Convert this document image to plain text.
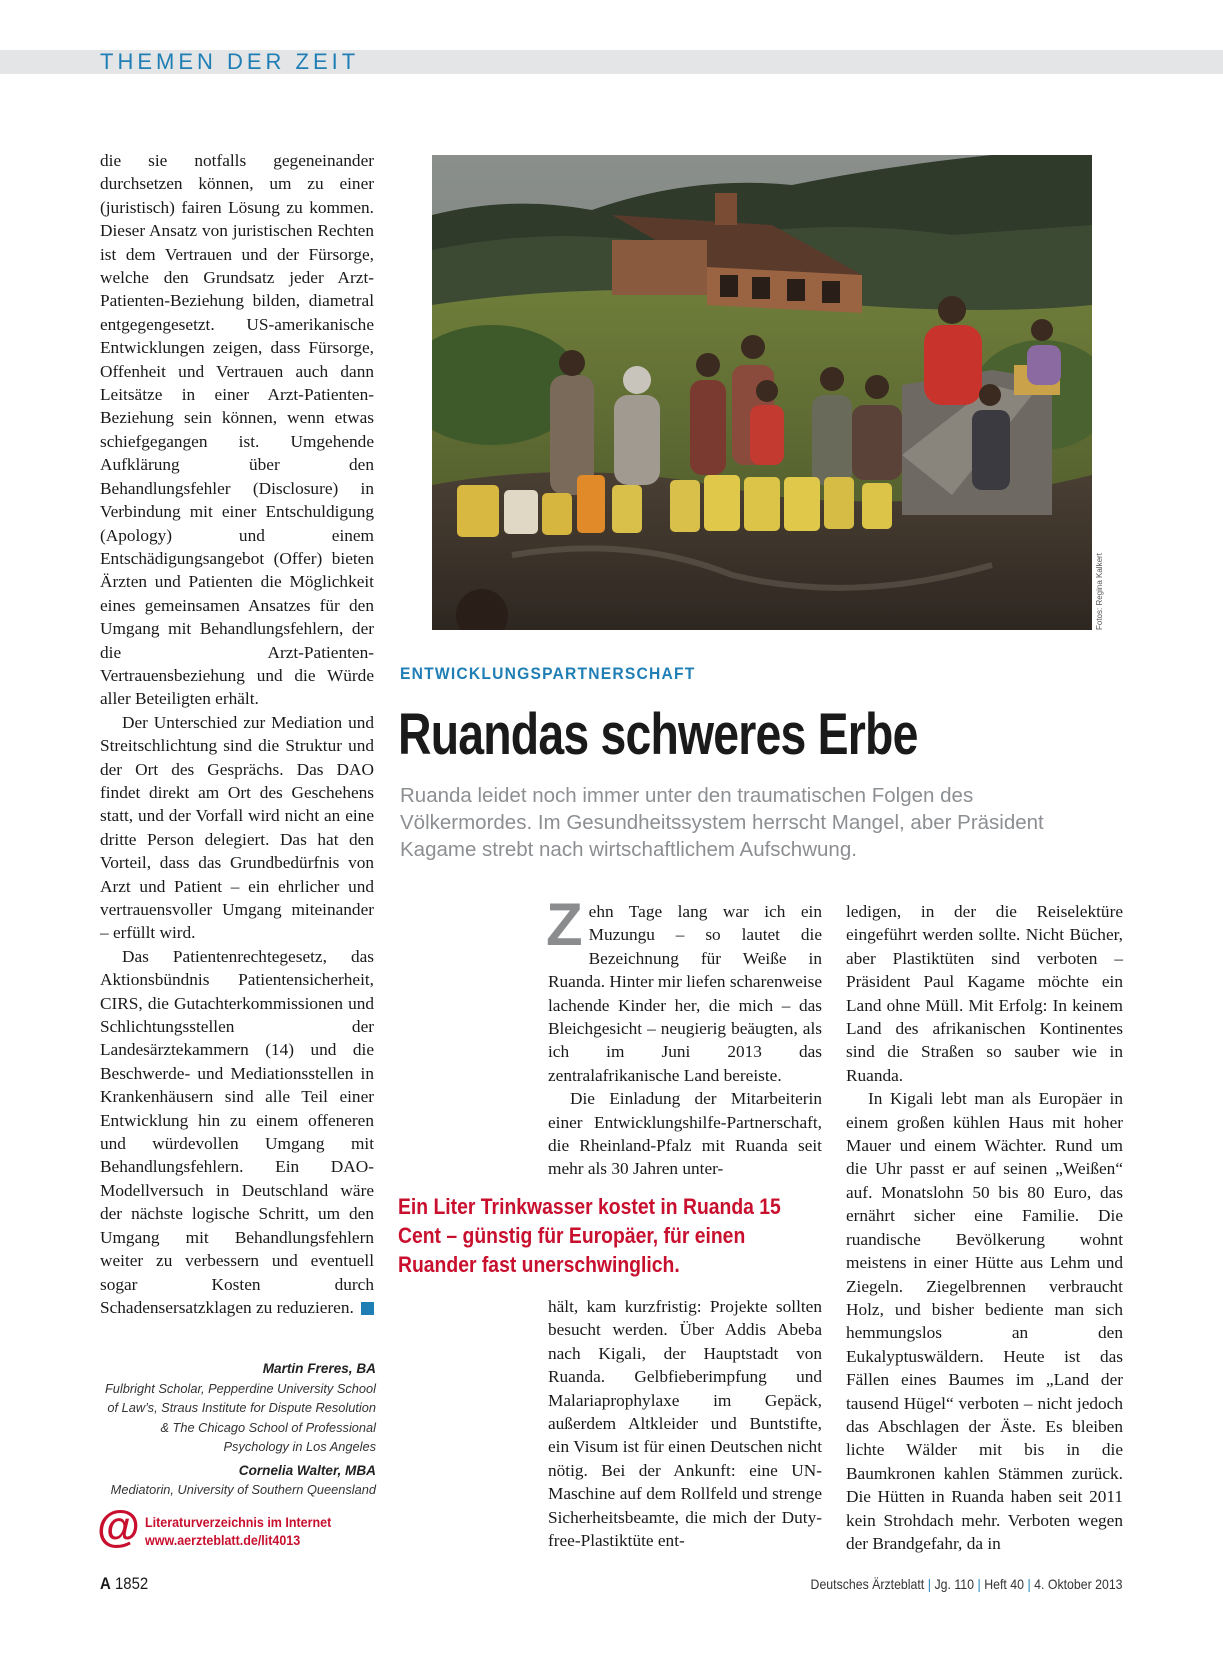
THEMEN DER ZEIT

die sie notfalls gegeneinander durchsetzen können, um zu einer (juristisch) fairen Lösung zu kommen. Dieser Ansatz von juristischen Rechten ist dem Vertrauen und der Fürsorge, welche den Grundsatz jeder Arzt-Patienten-Beziehung bilden, diametral entgegengesetzt. US-amerikanische Entwicklungen zeigen, dass Fürsorge, Offenheit und Vertrauen auch dann Leitsätze in einer Arzt-Patienten-Beziehung sein können, wenn etwas schiefgegangen ist. Umgehende Aufklärung über den Behandlungsfehler (Disclosure) in Verbindung mit einer Entschuldigung (Apology) und einem Entschädigungsangebot (Offer) bieten Ärzten und Patienten die Möglichkeit eines gemeinsamen Ansatzes für den Umgang mit Behandlungsfehlern, der die Arzt-Patienten-Vertrauensbeziehung und die Würde aller Beteiligten erhält.

Der Unterschied zur Mediation und Streitschlichtung sind die Struktur und der Ort des Gesprächs. Das DAO findet direkt am Ort des Geschehens statt, und der Vorfall wird nicht an eine dritte Person delegiert. Das hat den Vorteil, dass das Grundbedürfnis von Arzt und Patient – ein ehrlicher und vertrauensvoller Umgang miteinander – erfüllt wird.

Das Patientenrechtegesetz, das Aktionsbündnis Patientensicherheit, CIRS, die Gutachterkommissionen und Schlichtungsstellen der Landesärztekammern (14) und die Beschwerde- und Mediationsstellen in Krankenhäusern sind alle Teil einer Entwicklung hin zu einem offeneren und würdevollen Umgang mit Behandlungsfehlern. Ein DAO-Modellversuch in Deutschland wäre der nächste logische Schritt, um den Umgang mit Behandlungsfehlern weiter zu verbessern und eventuell sogar Kosten durch Schadensersatzklagen zu reduzieren.

Martin Freres, BA
Fulbright Scholar, Pepperdine University School of Law’s, Straus Institute for Dispute Resolution & The Chicago School of Professional Psychology in Los Angeles
Cornelia Walter, MBA
Mediatorin, University of Southern Queensland
@ Literaturverzeichnis im Internet
www.aerzteblatt.de/lit4013
Fotos: Regina Kalkert
ENTWICKLUNGSPARTNERSCHAFT
Ruandas schweres Erbe
Ruanda leidet noch immer unter den traumatischen Folgen des Völkermordes. Im Gesundheitssystem herrscht Mangel, aber Präsident Kagame strebt nach wirtschaftlichem Aufschwung.

Zehn Tage lang war ich ein Muzungu – so lautet die Bezeichnung für Weiße in Ruanda. Hinter mir liefen scharenweise lachende Kinder her, die mich – das Bleichgesicht – neugierig beäugten, als ich im Juni 2013 das zentralafrikanische Land bereiste.

Die Einladung der Mitarbeiterin einer Entwicklungshilfe-Partnerschaft, die Rheinland-Pfalz mit Ruanda seit mehr als 30 Jahren unter-

Ein Liter Trinkwasser kostet in Ruanda 15 Cent – günstig für Europäer, für einen Ruander fast unerschwinglich.

hält, kam kurzfristig: Projekte sollten besucht werden. Über Addis Abeba nach Kigali, der Hauptstadt von Ruanda. Gelbfieberimpfung und Malariaprophylaxe im Gepäck, außerdem Altkleider und Buntstifte, ein Visum ist für einen Deutschen nicht nötig. Bei der Ankunft: eine UN-Maschine auf dem Rollfeld und strenge Sicherheitsbeamte, die mich der Duty-free-Plastiktüte ent-

ledigen, in der die Reiselektüre eingeführt werden sollte. Nicht Bücher, aber Plastiktüten sind verboten – Präsident Paul Kagame möchte ein Land ohne Müll. Mit Erfolg: In keinem Land des afrikanischen Kontinentes sind die Straßen so sauber wie in Ruanda.

In Kigali lebt man als Europäer in einem großen kühlen Haus mit hoher Mauer und einem Wächter. Rund um die Uhr passt er auf seinen „Weißen“ auf. Monatslohn 50 bis 80 Euro, das ernährt sicher eine Familie. Die ruandische Bevölkerung wohnt meistens in einer Hütte aus Lehm und Ziegeln. Ziegelbrennen verbraucht Holz, und bisher bediente man sich hemmungslos an den Eukalyptuswäldern. Heute ist das Fällen eines Baumes im „Land der tausend Hügel“ verboten – nicht jedoch das Abschlagen der Äste. Es bleiben lichte Wälder mit bis in die Baumkronen kahlen Stämmen zurück. Die Hütten in Ruanda haben seit 2011 kein Strohdach mehr. Verboten wegen der Brandgefahr, da in

A 1852	Deutsches Ärzteblatt | Jg. 110 | Heft 40 | 4. Oktober 2013
